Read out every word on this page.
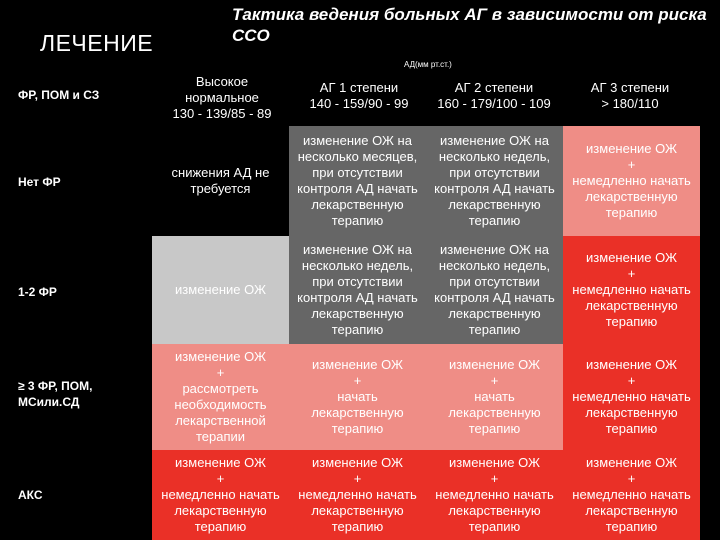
Тактика ведения больных АГ в зависимости от риска ССО
ЛЕЧЕНИЕ
АД(мм рт.ст.)
ФР, ПОМ и СЗ
Высокое
нормальное
130 - 139/85 - 89
АГ 1 степени
140 - 159/90 - 99
АГ 2 степени
160 - 179/100 - 109
АГ 3 степени
> 180/110
Нет ФР
снижения АД не
требуется
изменение ОЖ на
несколько месяцев,
при отсутствии
контроля АД начать
лекарственную
терапию
изменение ОЖ на
несколько недель,
при отсутствии
контроля АД начать
лекарственную
терапию
изменение ОЖ
+
немедленно начать
лекарственную
терапию
1-2 ФР	изменение ОЖ
изменение ОЖ на
несколько недель,
при отсутствии
контроля АД начать
лекарственную
терапию
изменение ОЖ на
несколько недель,
при отсутствии
контроля АД начать
лекарственную
терапию
изменение ОЖ
+
немедленно начать
лекарственную
терапию
≥ 3 ФР, ПОМ,
МСили.СД
изменение ОЖ
+
рассмотреть
необходимость
лекарственной
терапии
изменение ОЖ
+
начать
лекарственную
терапию
изменение ОЖ
+
начать
лекарственную
терапию
изменение ОЖ
+
немедленно начать
лекарственную
терапию
АКС
изменение ОЖ
+
немедленно начать
лекарственную
терапию
изменение ОЖ
+
немедленно начать
лекарственную
терапию
изменение ОЖ
+
немедленно начать
лекарственную
терапию
изменение ОЖ
+
немедленно начать
лекарственную
терапию
